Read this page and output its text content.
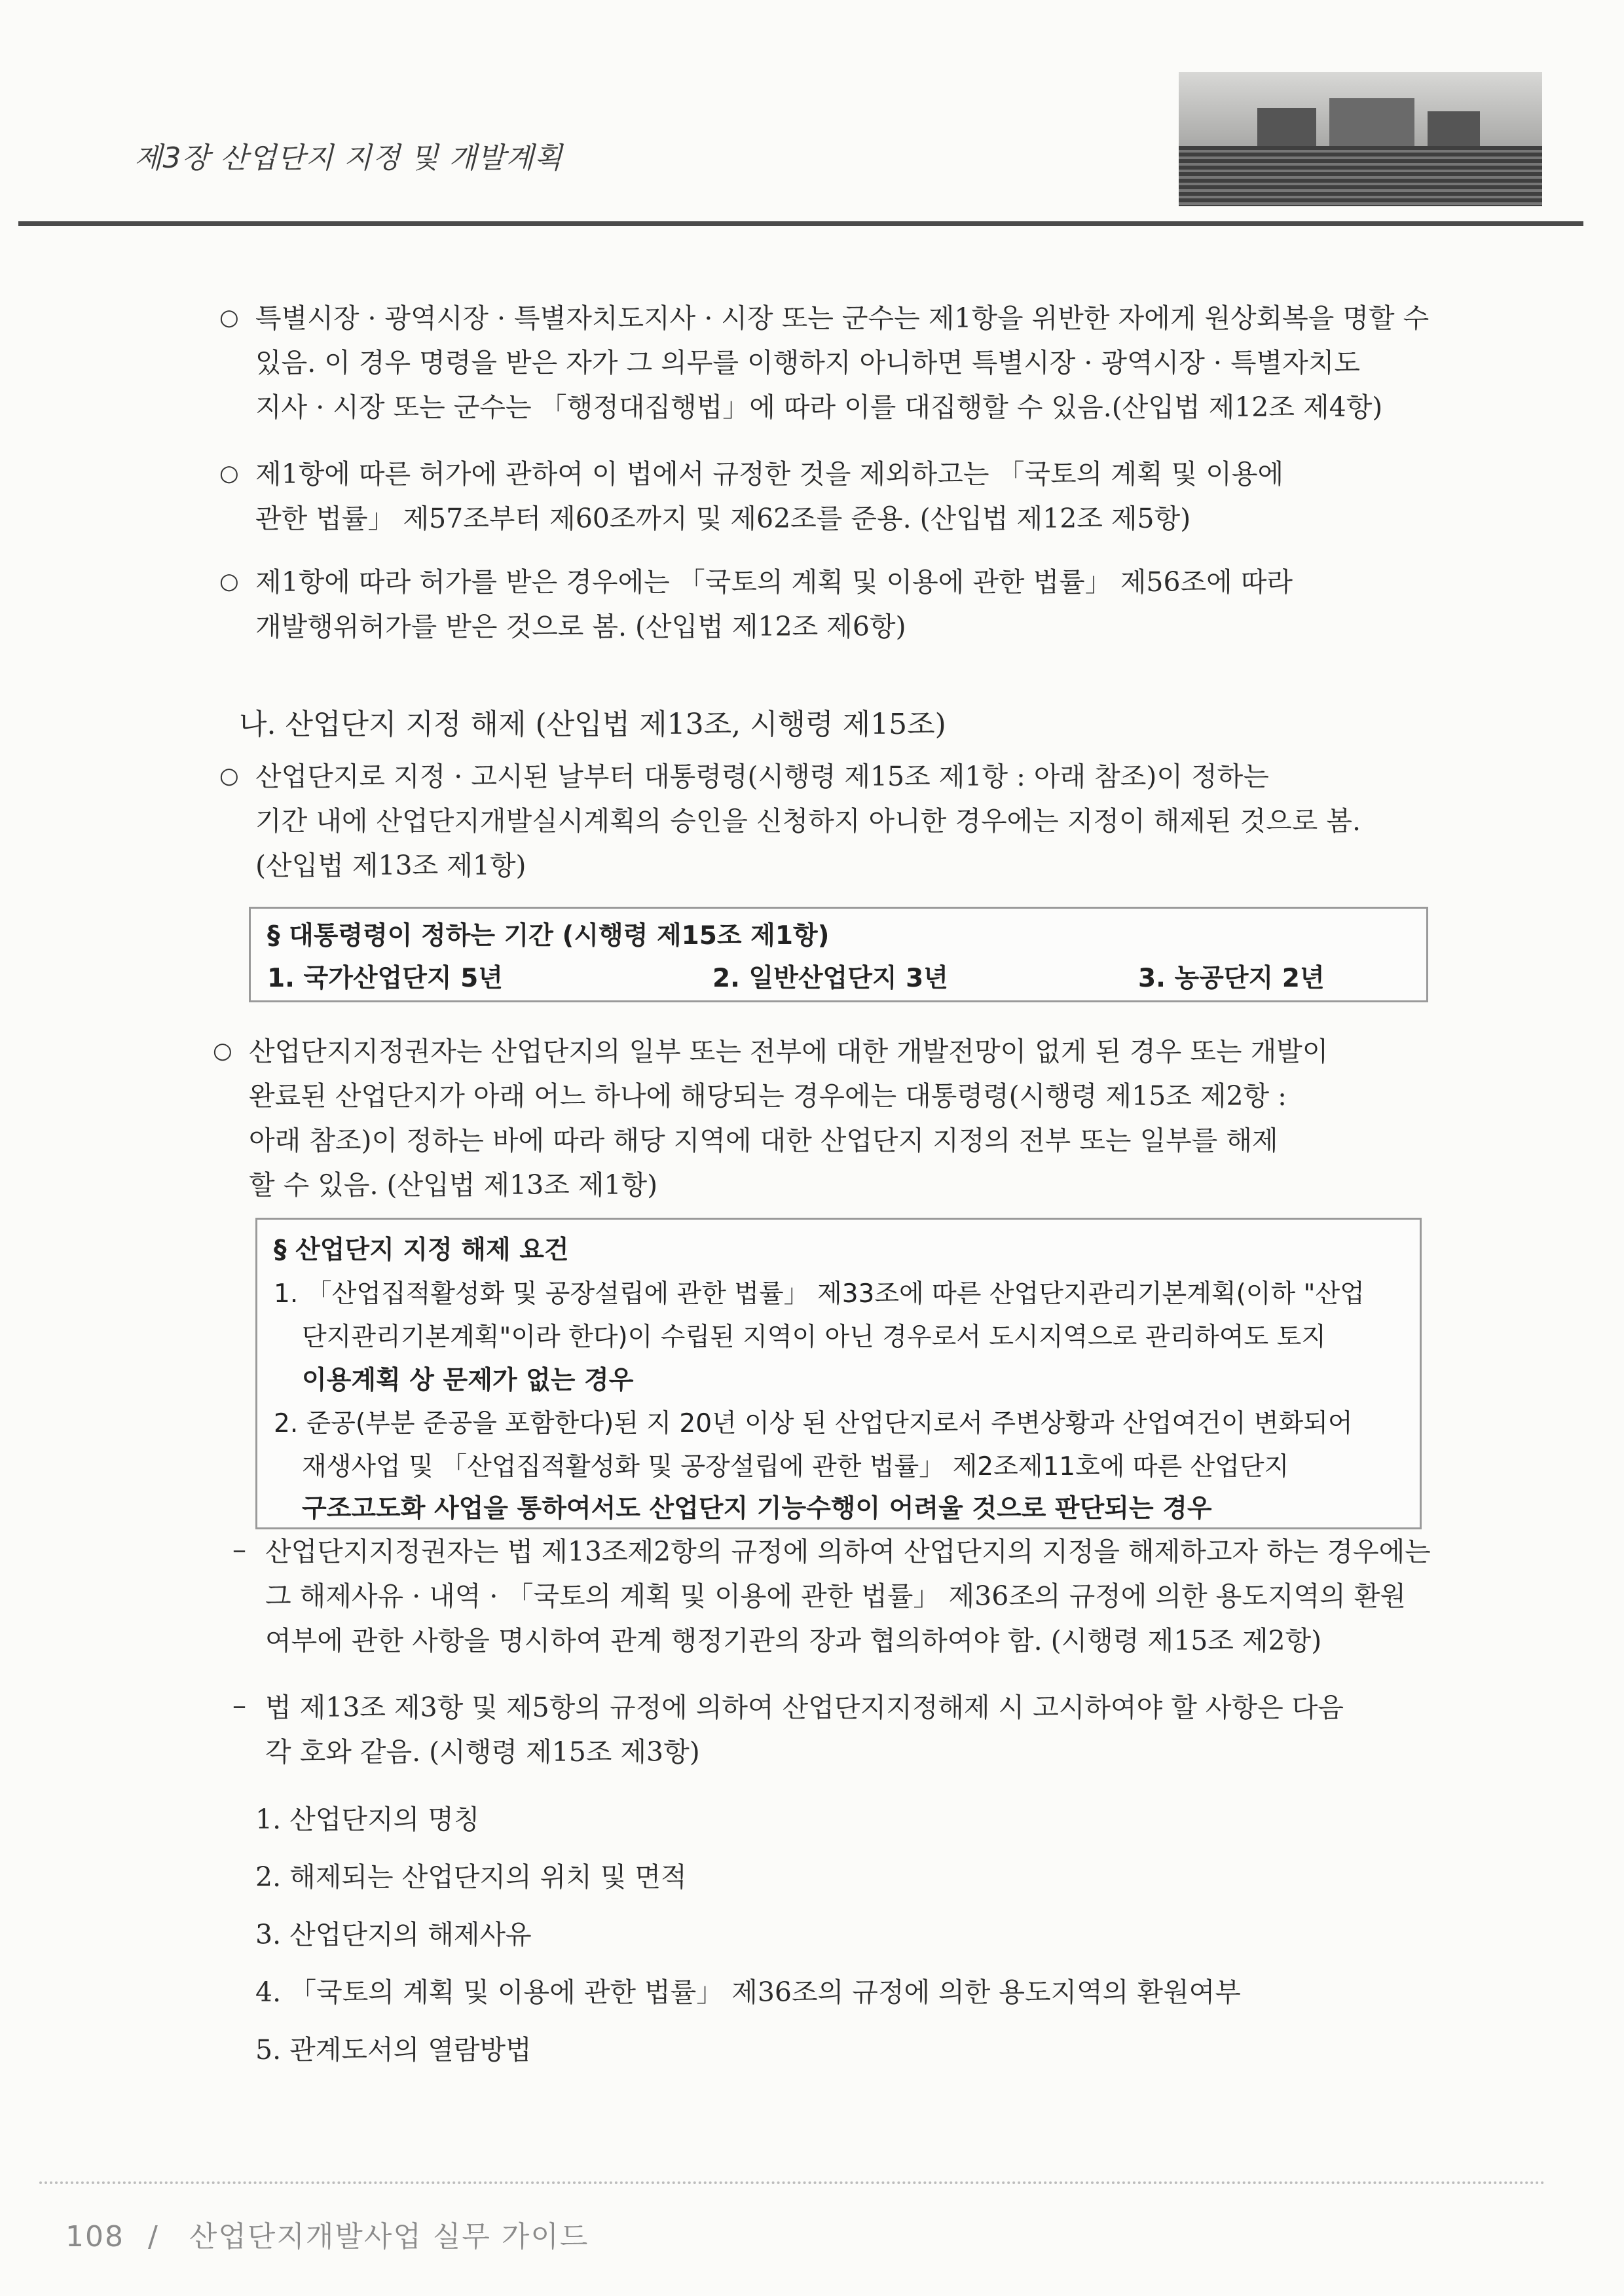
제3장 산업단지 지정 및 개발계획
○ 특별시장 · 광역시장 · 특별자치도지사 · 시장 또는 군수는 제1항을 위반한 자에게 원상회복을 명할 수
있음. 이 경우 명령을 받은 자가 그 의무를 이행하지 아니하면 특별시장 · 광역시장 · 특별자치도
지사 · 시장 또는 군수는 「행정대집행법」에 따라 이를 대집행할 수 있음.(산입법 제12조 제4항)
○ 제1항에 따른 허가에 관하여 이 법에서 규정한 것을 제외하고는 「국토의 계획 및 이용에
관한 법률」 제57조부터 제60조까지 및 제62조를 준용. (산입법 제12조 제5항)
○ 제1항에 따라 허가를 받은 경우에는 「국토의 계획 및 이용에 관한 법률」 제56조에 따라
개발행위허가를 받은 것으로 봄. (산입법 제12조 제6항)
나. 산업단지 지정 해제 (산입법 제13조, 시행령 제15조)
○ 산업단지로 지정 · 고시된 날부터 대통령령(시행령 제15조 제1항 : 아래 참조)이 정하는
기간 내에 산업단지개발실시계획의 승인을 신청하지 아니한 경우에는 지정이 해제된 것으로 봄.
(산입법 제13조 제1항)
§ 대통령령이 정하는 기간 (시행령 제15조 제1항)
1. 국가산업단지 5년	2. 일반산업단지 3년	3. 농공단지 2년
○ 산업단지지정권자는 산업단지의 일부 또는 전부에 대한 개발전망이 없게 된 경우 또는 개발이
완료된 산업단지가 아래 어느 하나에 해당되는 경우에는 대통령령(시행령 제15조 제2항 :
아래 참조)이 정하는 바에 따라 해당 지역에 대한 산업단지 지정의 전부 또는 일부를 해제
할 수 있음. (산입법 제13조 제1항)
§ 산업단지 지정 해제 요건
1. 「산업집적활성화 및 공장설립에 관한 법률」 제33조에 따른 산업단지관리기본계획(이하 "산업
단지관리기본계획"이라 한다)이 수립된 지역이 아닌 경우로서 도시지역으로 관리하여도 토지
이용계획 상 문제가 없는 경우
2. 준공(부분 준공을 포함한다)된 지 20년 이상 된 산업단지로서 주변상황과 산업여건이 변화되어
재생사업 및 「산업집적활성화 및 공장설립에 관한 법률」 제2조제11호에 따른 산업단지
구조고도화 사업을 통하여서도 산업단지 기능수행이 어려울 것으로 판단되는 경우
– 산업단지지정권자는 법 제13조제2항의 규정에 의하여 산업단지의 지정을 해제하고자 하는 경우에는
그 해제사유 · 내역 · 「국토의 계획 및 이용에 관한 법률」 제36조의 규정에 의한 용도지역의 환원
여부에 관한 사항을 명시하여 관계 행정기관의 장과 협의하여야 함. (시행령 제15조 제2항)
– 법 제13조 제3항 및 제5항의 규정에 의하여 산업단지지정해제 시 고시하여야 할 사항은 다음
각 호와 같음. (시행령 제15조 제3항)
1. 산업단지의 명칭
2. 해제되는 산업단지의 위치 및 면적
3. 산업단지의 해제사유
4. 「국토의 계획 및 이용에 관한 법률」 제36조의 규정에 의한 용도지역의 환원여부
5. 관계도서의 열람방법
108 / 산업단지개발사업 실무 가이드
